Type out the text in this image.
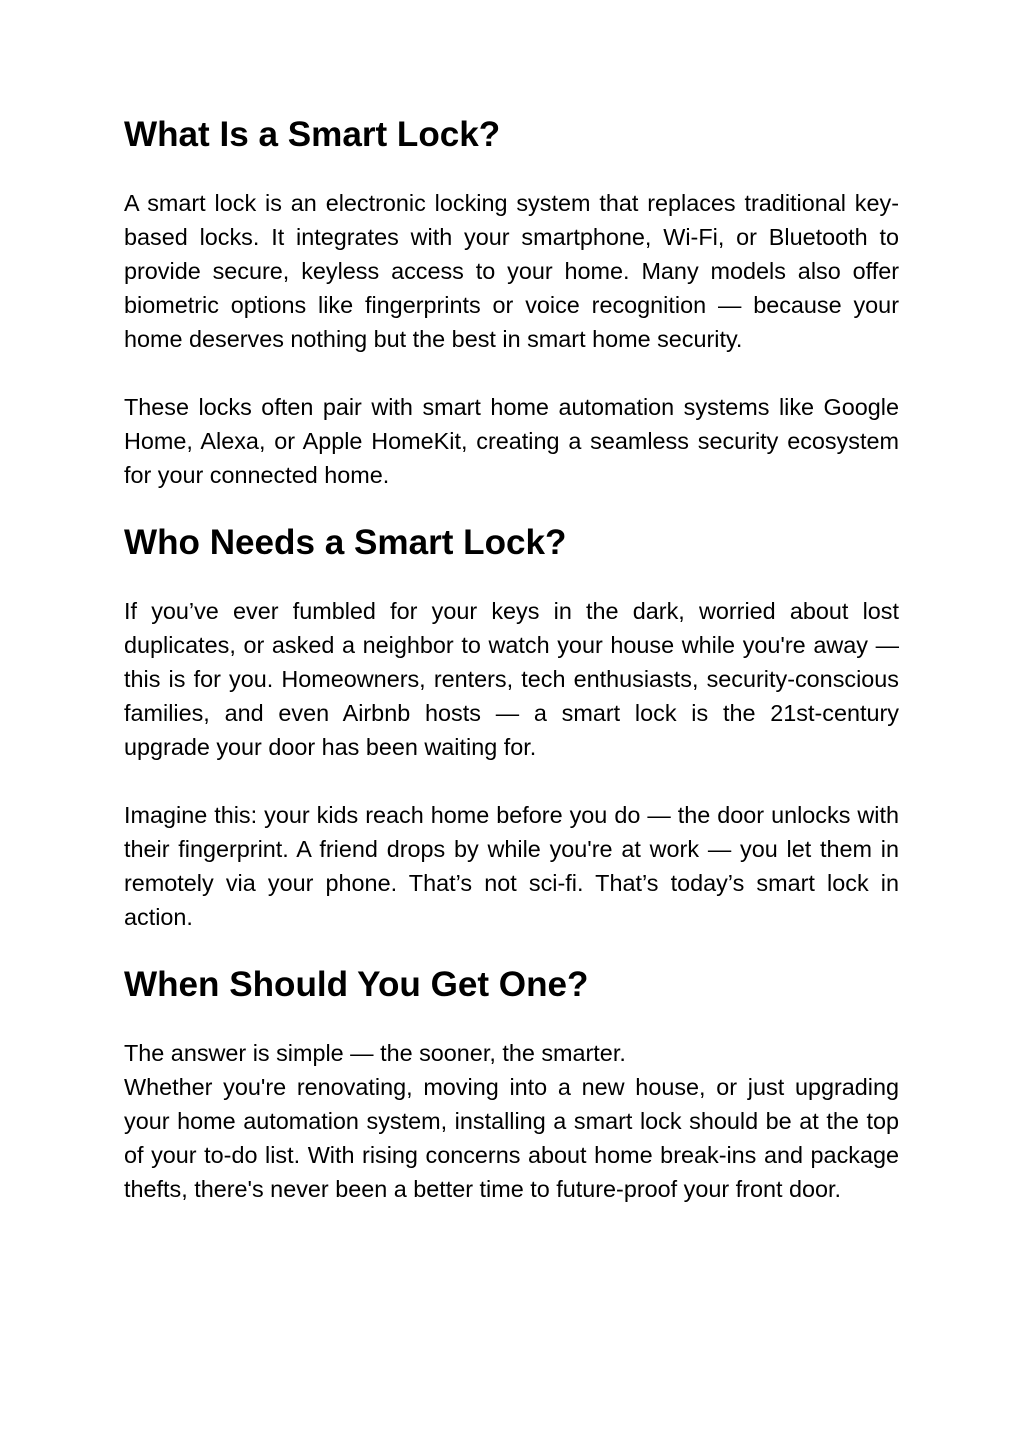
What Is a Smart Lock?

A smart lock is an electronic locking system that replaces traditional key-based locks. It integrates with your smartphone, Wi-Fi, or Bluetooth to provide secure, keyless access to your home. Many models also offer biometric options like fingerprints or voice recognition — because your home deserves nothing but the best in smart home security.

These locks often pair with smart home automation systems like Google Home, Alexa, or Apple HomeKit, creating a seamless security ecosystem for your connected home.

Who Needs a Smart Lock?

If you’ve ever fumbled for your keys in the dark, worried about lost duplicates, or asked a neighbor to watch your house while you're away — this is for you. Homeowners, renters, tech enthusiasts, security-conscious families, and even Airbnb hosts — a smart lock is the 21st-century upgrade your door has been waiting for.

Imagine this: your kids reach home before you do — the door unlocks with their fingerprint. A friend drops by while you're at work — you let them in remotely via your phone. That’s not sci-fi. That’s today’s smart lock in action.

When Should You Get One?

The answer is simple — the sooner, the smarter.

Whether you're renovating, moving into a new house, or just upgrading your home automation system, installing a smart lock should be at the top of your to-do list. With rising concerns about home break-ins and package thefts, there's never been a better time to future-proof your front door.
